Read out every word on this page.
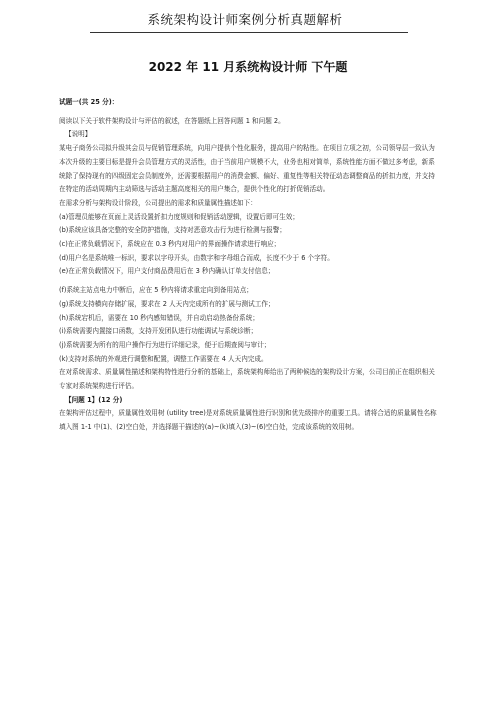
系统架构设计师案例分析真题解析
2022 年 11 月系统构设计师 下午题

试题一(共 25 分)：

阅读以下关于软件架构设计与评估的叙述，在答题纸上回答问题 1 和问题 2。

【说明】

某电子商务公司拟升级其会员与促销管理系统，向用户提供个性化服务，提高用户的粘性。在项目立项之初，公司领导层一致认为本次升级的主要目标是提升会员管理方式的灵活性，由于当前用户规模不大，业务也相对简单，系统性能方面不做过多考虑，新系统除了保持现有的四级固定会员制度外，还需要根据用户的消费金额、偏好、重复性等相关特征动态调整商品的折扣力度，并支持在特定的活动周期内主动筛选与活动主题高度相关的用户集合，提供个性化的打折促销活动。

在需求分析与架构设计阶段，公司提出的需求和质量属性描述如下：

(a)管理员能够在页面上灵活设置折扣力度规则和促销活动逻辑，设置后即可生效；

(b)系统应该具备完整的安全防护措施，支持对恶意攻击行为进行检测与报警；

(c)在正常负载情况下，系统应在 0.3 秒内对用户的界面操作请求进行响应；

(d)用户名是系统唯一标识，要求以字母开头，由数字和字母组合而成，长度不少于 6 个字符。

(e)在正常负载情况下，用户支付商品费用后在 3 秒内确认订单支付信息；

(f)系统主站点电力中断后，应在 5 秒内将请求重定向到备用站点；

(g)系统支持横向存储扩展，要求在 2 人天内完成所有的扩展与测试工作；

(h)系统宕机后，需要在 10 秒内感知错误，并自动启动热备份系统；

(i)系统需要内置接口函数，支持开发团队进行功能调试与系统诊断；

(j)系统需要为所有的用户操作行为进行详细记录，便于后期查阅与审计；

(k)支持对系统的外观进行调整和配置，调整工作需要在 4 人天内完成。

在对系统需求、质量属性描述和架构特性进行分析的基础上，系统架构师给出了两种候选的架构设计方案，公司目前正在组织相关专家对系统架构进行评估。

【问题 1】(12 分)

在架构评估过程中，质量属性效用树 (utility tree)是对系统质量属性进行识别和优先级排序的重要工具。请将合适的质量属性名称填入图 1-1 中(1)、(2)空白处，并选择题干描述的(a)~(k)填入(3)~(6)空白处，完成该系统的效用树。
